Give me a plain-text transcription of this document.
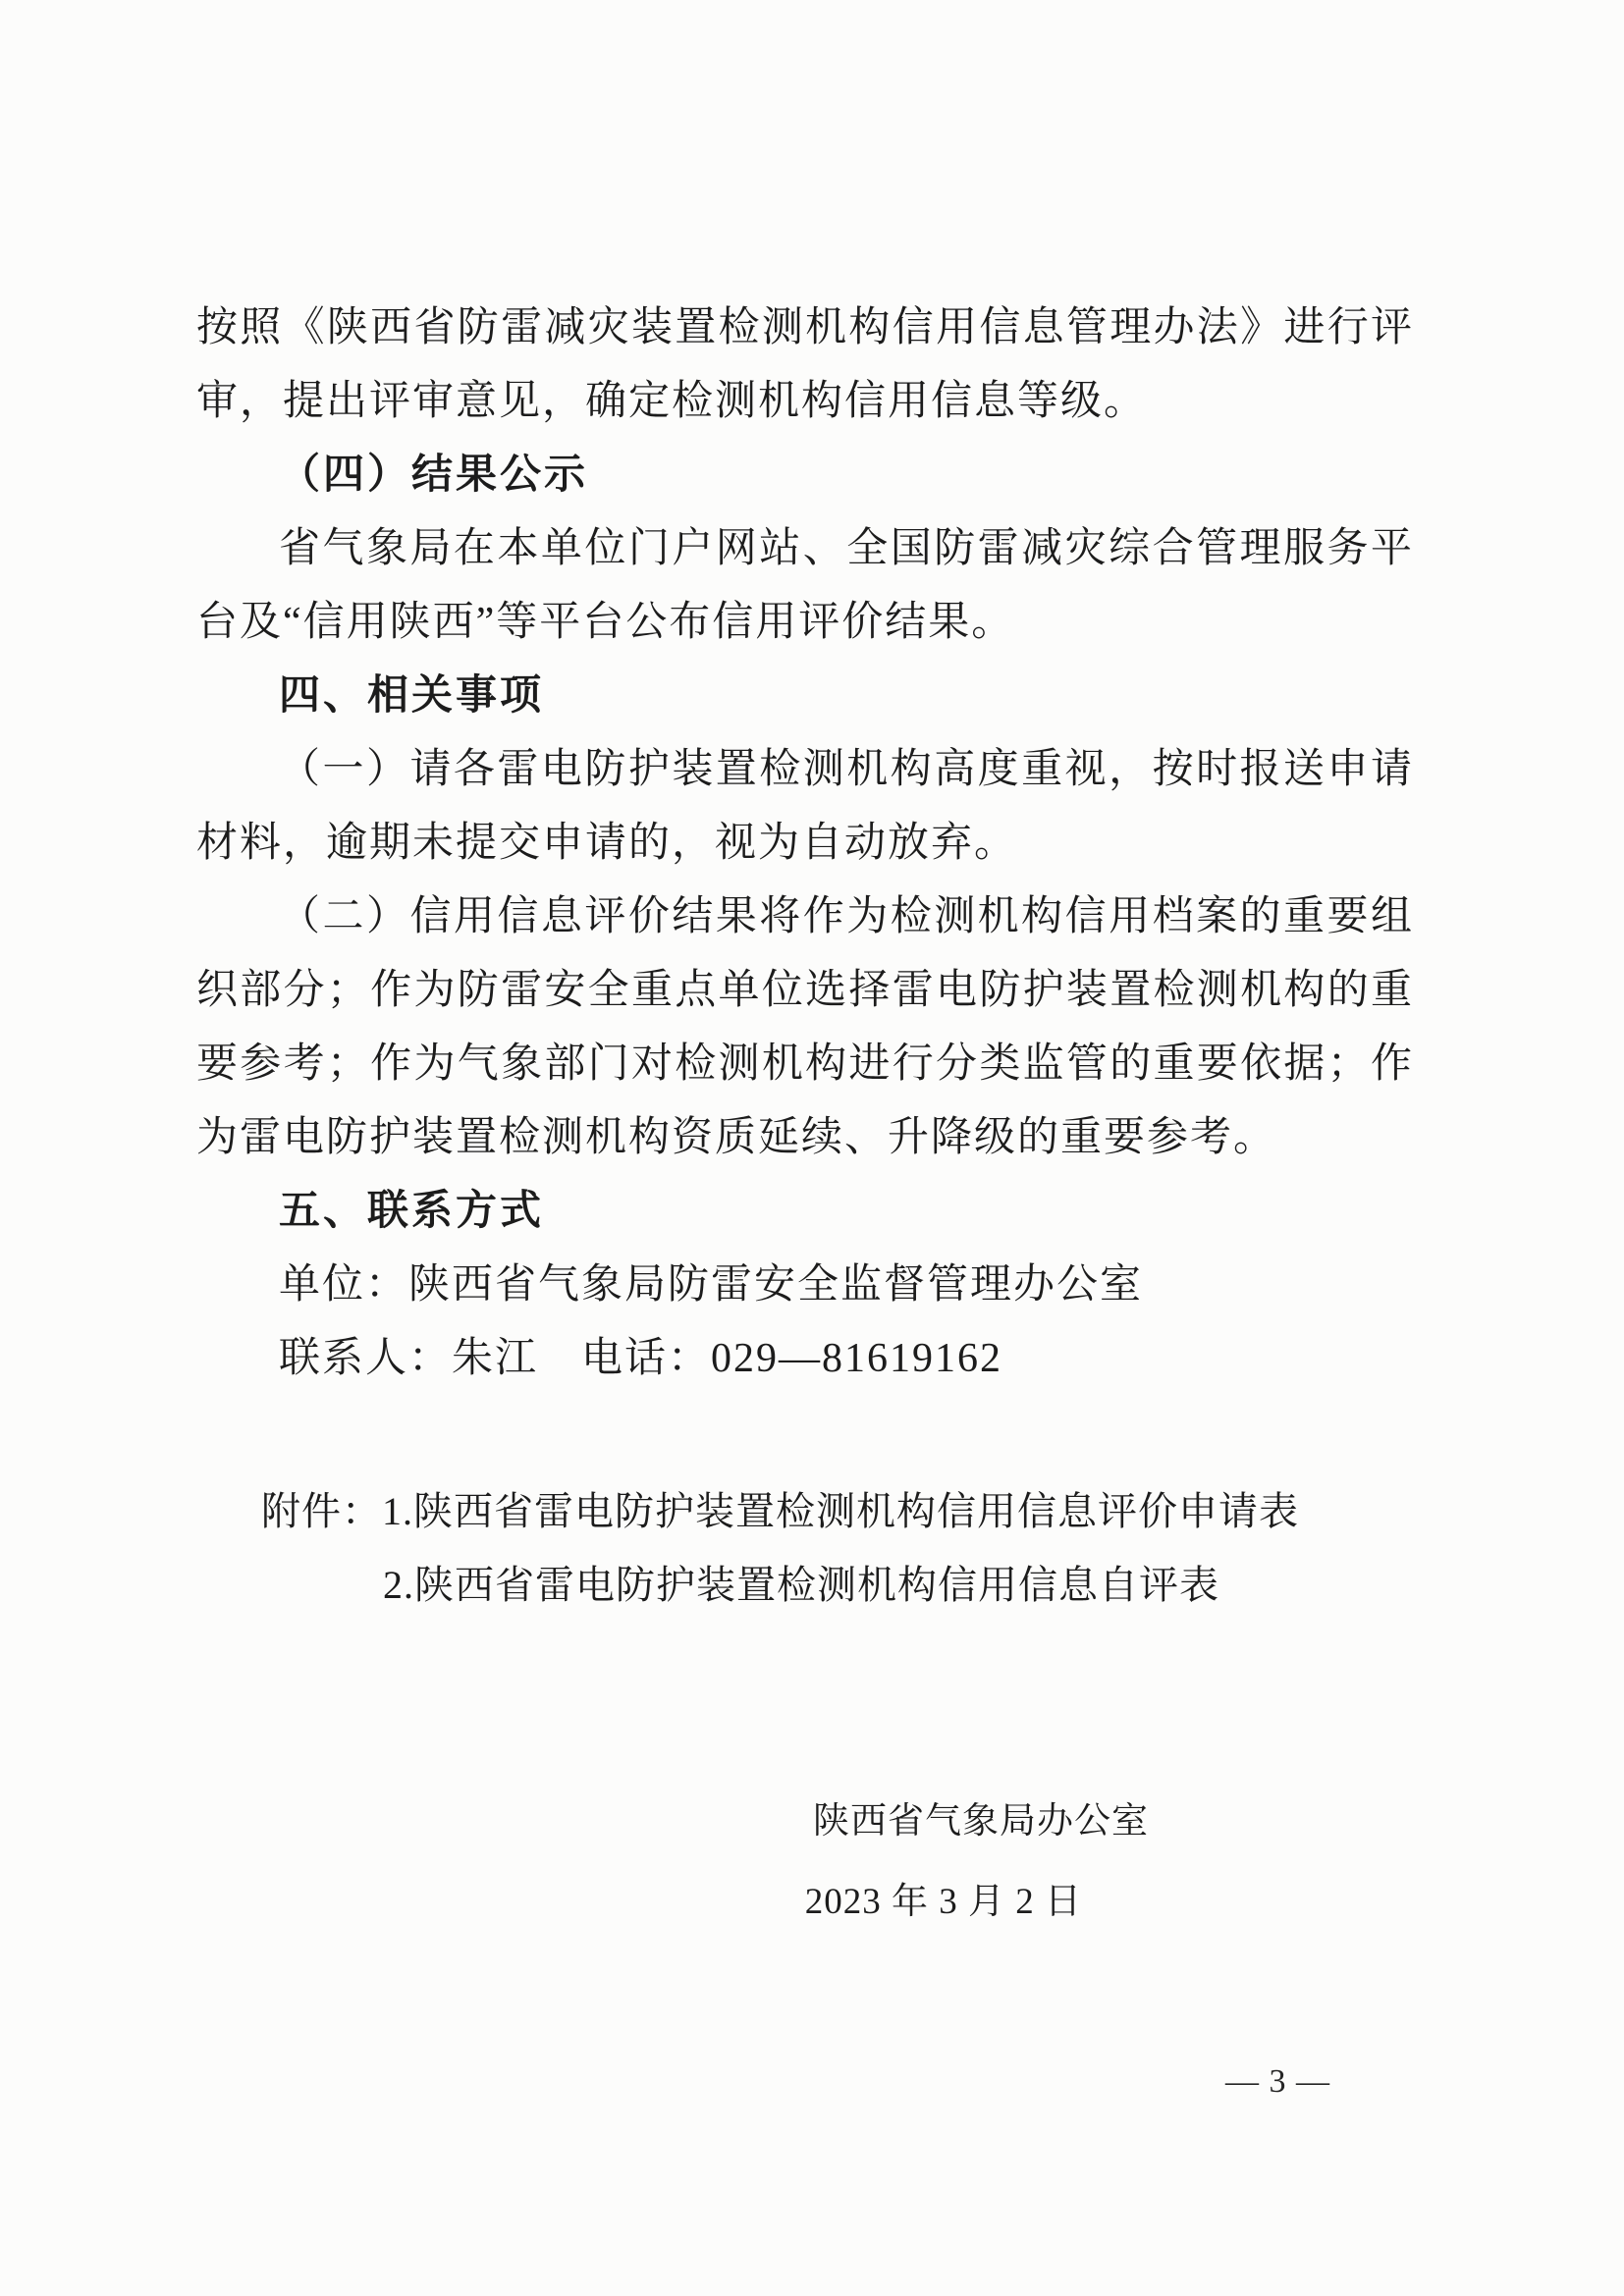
按照《陕西省防雷减灾装置检测机构信用信息管理办法》进行评
审，提出评审意见，确定检测机构信用信息等级。
（四）结果公示
省气象局在本单位门户网站、全国防雷减灾综合管理服务平
台及“信用陕西”等平台公布信用评价结果。
四、相关事项
（一）请各雷电防护装置检测机构高度重视，按时报送申请
材料，逾期未提交申请的，视为自动放弃。
（二）信用信息评价结果将作为检测机构信用档案的重要组
织部分；作为防雷安全重点单位选择雷电防护装置检测机构的重
要参考；作为气象部门对检测机构进行分类监管的重要依据；作
为雷电防护装置检测机构资质延续、升降级的重要参考。
五、联系方式
单位：陕西省气象局防雷安全监督管理办公室
联系人：朱江　电话：029—81619162
附件：1.陕西省雷电防护装置检测机构信用信息评价申请表
2.陕西省雷电防护装置检测机构信用信息自评表
陕西省气象局办公室
2023 年 3 月 2 日
— 3 —
